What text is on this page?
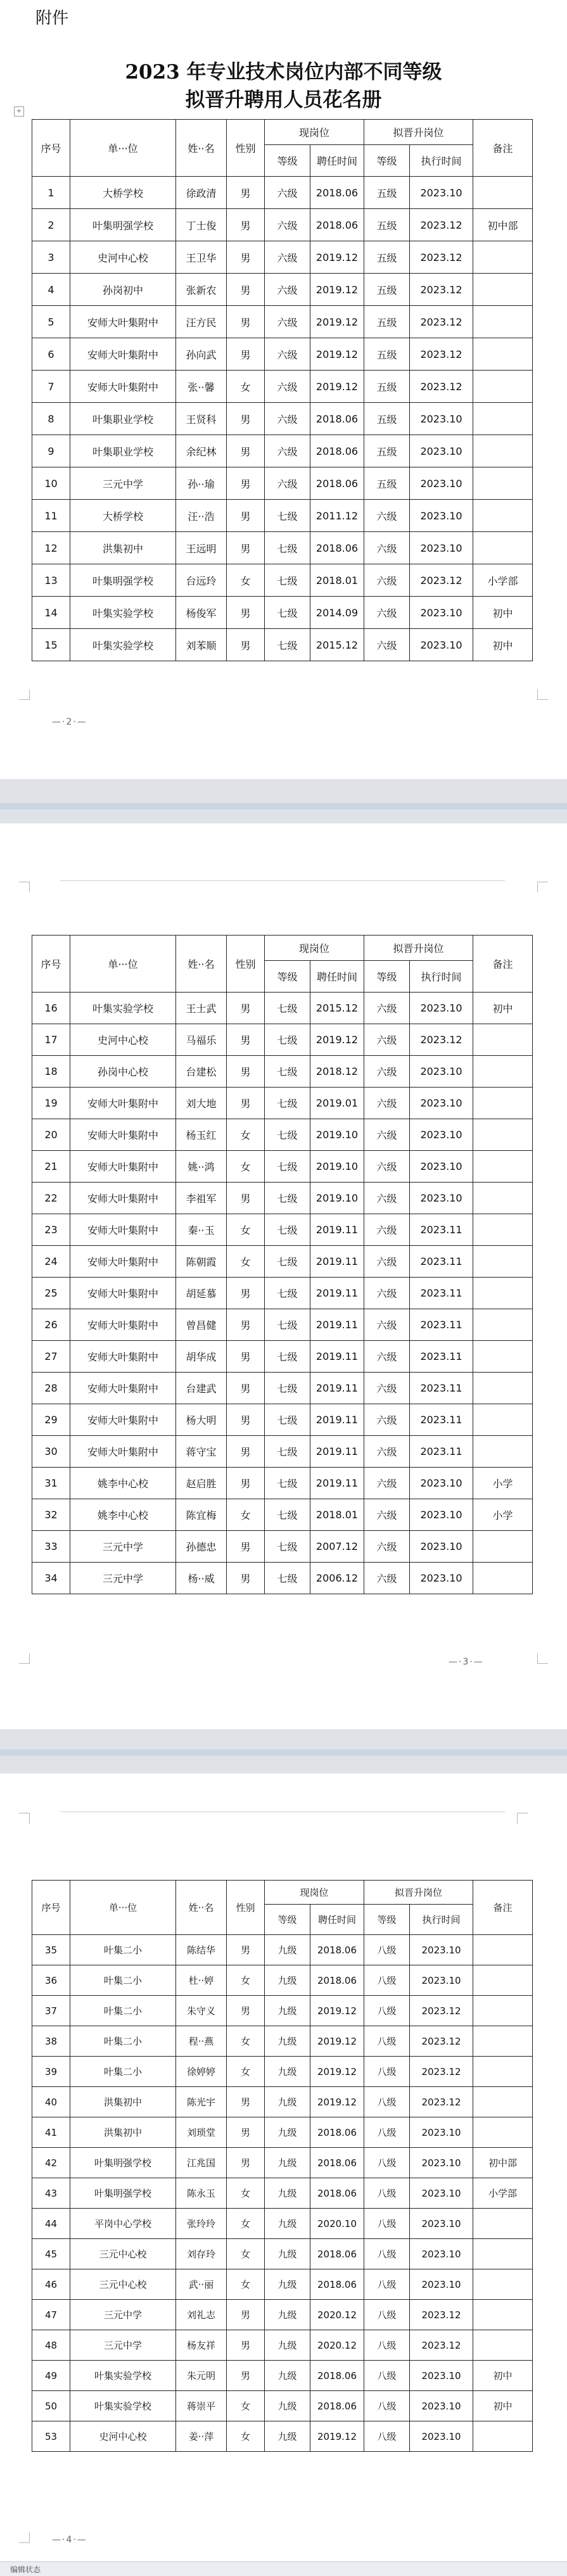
附件
2023 年专业技术岗位内部不同等级
拟晋升聘用人员花名册
+
序号	单···位	姓··名	性别	现岗位		拟晋升岗位		备注
				等级	聘任时间	等级	执行时间	
1	大桥学校	徐政清	男	六级	2018.06	五级	2023.10	
2	叶集明强学校	丁士俊	男	六级	2018.06	五级	2023.12	初中部
3	史河中心校	王卫华	男	六级	2019.12	五级	2023.12	
4	孙岗初中	张新农	男	六级	2019.12	五级	2023.12	
5	安师大叶集附中	汪方民	男	六级	2019.12	五级	2023.12	
6	安师大叶集附中	孙向武	男	六级	2019.12	五级	2023.12	
7	安师大叶集附中	张··馨	女	六级	2019.12	五级	2023.12	
8	叶集职业学校	王贤科	男	六级	2018.06	五级	2023.10	
9	叶集职业学校	余纪林	男	六级	2018.06	五级	2023.10	
10	三元中学	孙··瑜	男	六级	2018.06	五级	2023.10	
11	大桥学校	汪··浩	男	七级	2011.12	六级	2023.10	
12	洪集初中	王远明	男	七级	2018.06	六级	2023.10	
13	叶集明强学校	台远玲	女	七级	2018.01	六级	2023.12	小学部
14	叶集实验学校	杨俊军	男	七级	2014.09	六级	2023.10	初中
15	叶集实验学校	刘苯顺	男	七级	2015.12	六级	2023.10	初中
—·2·—
序号	单···位	姓··名	性别	现岗位		拟晋升岗位		备注
				等级	聘任时间	等级	执行时间	
16	叶集实验学校	王士武	男	七级	2015.12	六级	2023.10	初中
17	史河中心校	马福乐	男	七级	2019.12	六级	2023.12	
18	孙岗中心校	台建松	男	七级	2018.12	六级	2023.10	
19	安师大叶集附中	刘大地	男	七级	2019.01	六级	2023.10	
20	安师大叶集附中	杨玉红	女	七级	2019.10	六级	2023.10	
21	安师大叶集附中	姚··鸿	女	七级	2019.10	六级	2023.10	
22	安师大叶集附中	李祖军	男	七级	2019.10	六级	2023.10	
23	安师大叶集附中	秦··玉	女	七级	2019.11	六级	2023.11	
24	安师大叶集附中	陈朝霞	女	七级	2019.11	六级	2023.11	
25	安师大叶集附中	胡延慕	男	七级	2019.11	六级	2023.11	
26	安师大叶集附中	曾昌健	男	七级	2019.11	六级	2023.11	
27	安师大叶集附中	胡华成	男	七级	2019.11	六级	2023.11	
28	安师大叶集附中	台建武	男	七级	2019.11	六级	2023.11	
29	安师大叶集附中	杨大明	男	七级	2019.11	六级	2023.11	
30	安师大叶集附中	蒋守宝	男	七级	2019.11	六级	2023.11	
31	姚李中心校	赵启胜	男	七级	2019.11	六级	2023.10	小学
32	姚李中心校	陈宜梅	女	七级	2018.01	六级	2023.10	小学
33	三元中学	孙德忠	男	七级	2007.12	六级	2023.10	
34	三元中学	杨··威	男	七级	2006.12	六级	2023.10	
—·3·—
序号	单···位	姓··名	性别	现岗位		拟晋升岗位		备注
				等级	聘任时间	等级	执行时间	
35	叶集二小	陈结华	男	九级	2018.06	八级	2023.10	
36	叶集二小	杜··婷	女	九级	2018.06	八级	2023.10	
37	叶集二小	朱守义	男	九级	2019.12	八级	2023.12	
38	叶集二小	程··燕	女	九级	2019.12	八级	2023.12	
39	叶集二小	徐婷婷	女	九级	2019.12	八级	2023.12	
40	洪集初中	陈光宇	男	九级	2019.12	八级	2023.12	
41	洪集初中	刘琐堂	男	九级	2018.06	八级	2023.10	
42	叶集明强学校	江兆国	男	九级	2018.06	八级	2023.10	初中部
43	叶集明强学校	陈永玉	女	九级	2018.06	八级	2023.10	小学部
44	平岗中心学校	张玲玲	女	九级	2020.10	八级	2023.10	
45	三元中心校	刘存玲	女	九级	2018.06	八级	2023.10	
46	三元中心校	武··丽	女	九级	2018.06	八级	2023.10	
47	三元中学	刘礼志	男	九级	2020.12	八级	2023.12	
48	三元中学	杨友祥	男	九级	2020.12	八级	2023.12	
49	叶集实验学校	朱元明	男	九级	2018.06	八级	2023.10	初中
50	叶集实验学校	蒋崇平	女	九级	2018.06	八级	2023.10	初中
53	史河中心校	姜··萍	女	九级	2019.12	八级	2023.10	
—·4·—
编辑状态
